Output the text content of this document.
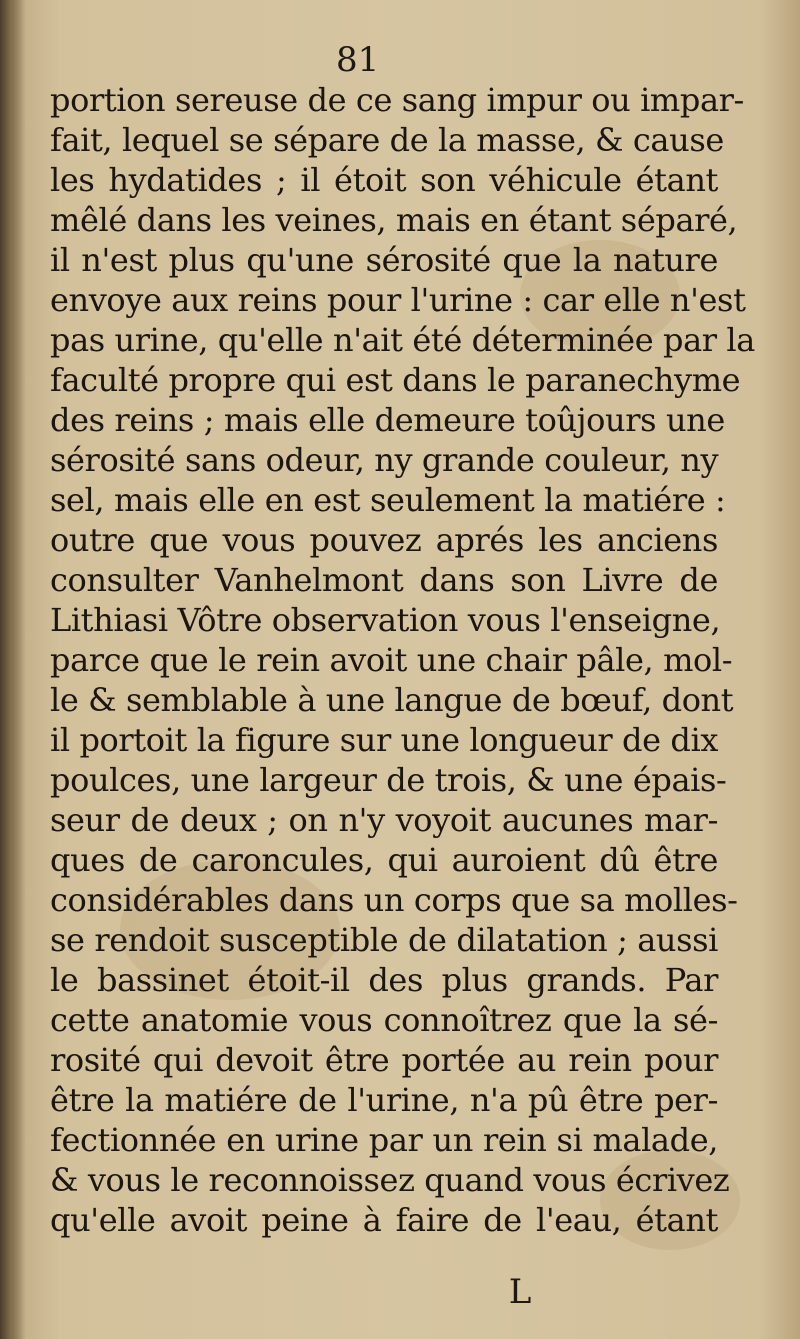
81
portion sereuse de ce sang impur ou impar-
fait, lequel se sépare de la masse, & cause
les hydatides ; il étoit son véhicule étant
mêlé dans les veines, mais en étant séparé,
il n'est plus qu'une sérosité que la nature
envoye aux reins pour l'urine : car elle n'est
pas urine, qu'elle n'ait été déterminée par la
faculté propre qui est dans le paranechyme
des reins ; mais elle demeure toûjours une
sérosité sans odeur, ny grande couleur, ny
sel, mais elle en est seulement la matiére :
outre que vous pouvez aprés les anciens
consulter Vanhelmont dans son Livre de
Lithiasi Vôtre observation vous l'enseigne,
parce que le rein avoit une chair pâle, mol-
le & semblable à une langue de bœuf, dont
il portoit la figure sur une longueur de dix
poulces, une largeur de trois, & une épais-
seur de deux ; on n'y voyoit aucunes mar-
ques de caroncules, qui auroient dû être
considérables dans un corps que sa molles-
se rendoit susceptible de dilatation ; aussi
le bassinet étoit-il des plus grands. Par
cette anatomie vous connoîtrez que la sé-
rosité qui devoit être portée au rein pour
être la matiére de l'urine, n'a pû être per-
fectionnée en urine par un rein si malade,
& vous le reconnoissez quand vous écrivez
qu'elle avoit peine à faire de l'eau, étant
L
